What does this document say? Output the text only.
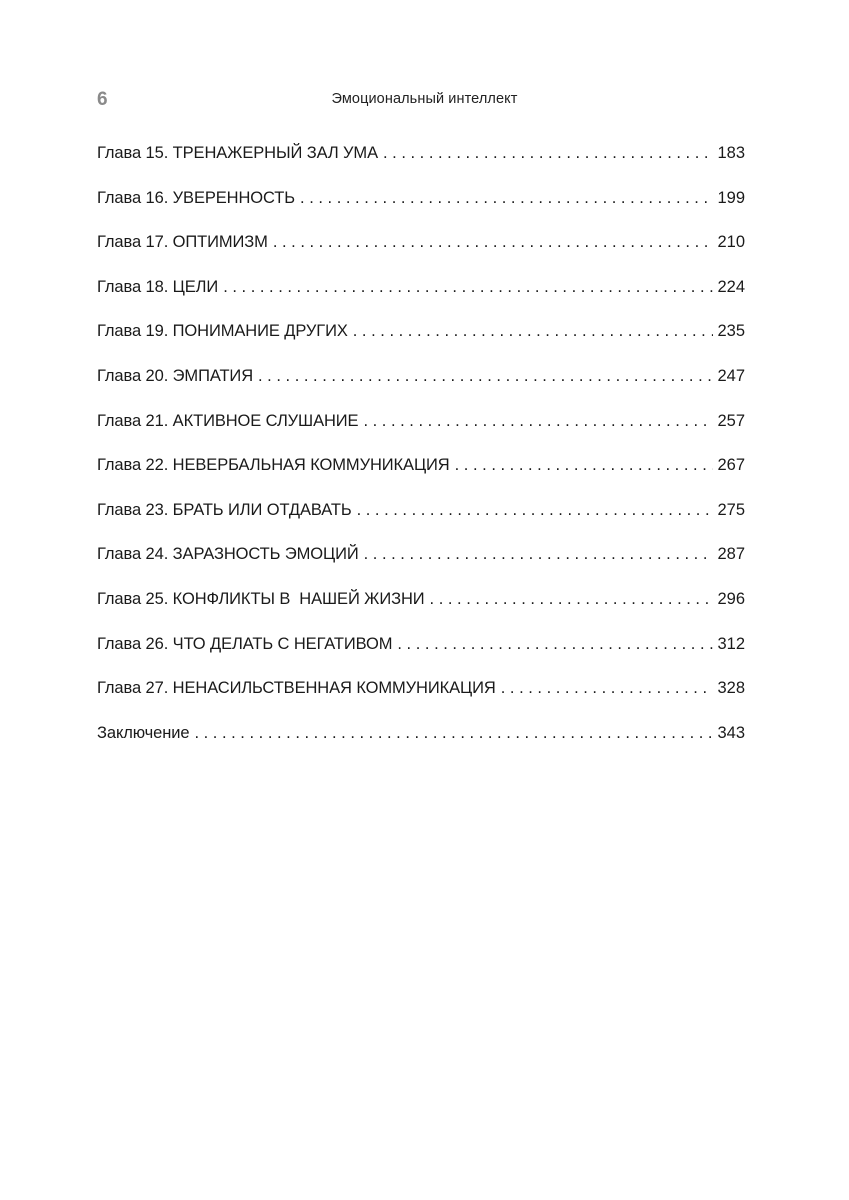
6	Эмоциональный интеллект
Глава 15. ТРЕНАЖЕРНЫЙ ЗАЛ УМА . . .	183
Глава 16. УВЕРЕННОСТЬ . . .	199
Глава 17. ОПТИМИЗМ . . .	210
Глава 18. ЦЕЛИ . . .	224
Глава 19. ПОНИМАНИЕ ДРУГИХ . . .	235
Глава 20. ЭМПАТИЯ . . .	247
Глава 21. АКТИВНОЕ СЛУШАНИЕ . . .	257
Глава 22. НЕВЕРБАЛЬНАЯ КОММУНИКАЦИЯ . . .	267
Глава 23. БРАТЬ ИЛИ ОТДАВАТЬ . . .	275
Глава 24. ЗАРАЗНОСТЬ ЭМОЦИЙ . . .	287
Глава 25. КОНФЛИКТЫ В  НАШЕЙ ЖИЗНИ . . .	296
Глава 26. ЧТО ДЕЛАТЬ С НЕГАТИВОМ . . .	312
Глава 27. НЕНАСИЛЬСТВЕННАЯ КОММУНИКАЦИЯ . . .	328
Заключение . . .	343
